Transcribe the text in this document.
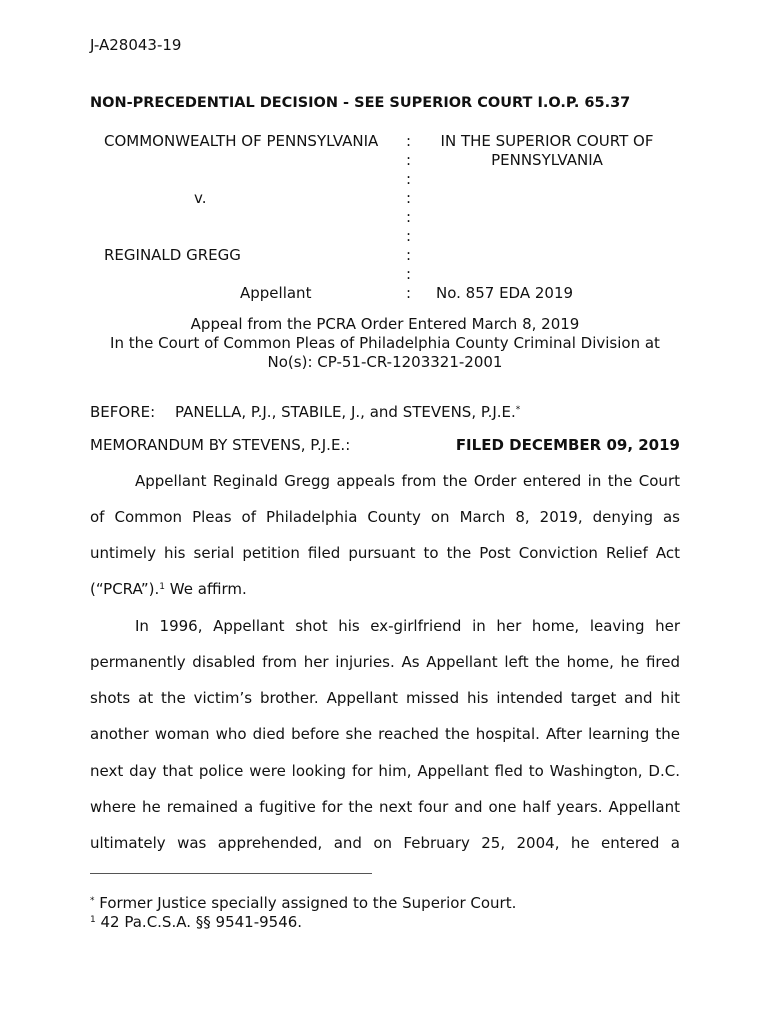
J-A28043-19
NON-PRECEDENTIAL DECISION - SEE SUPERIOR COURT I.O.P. 65.37
COMMONWEALTH OF PENNSYLVANIA
v.
REGINALD GREGG
Appellant
:
:
:
:
:
:
:
:
:
IN THE SUPERIOR COURT OF
PENNSYLVANIA
No. 857 EDA 2019
Appeal from the PCRA Order Entered March 8, 2019
In the Court of Common Pleas of Philadelphia County Criminal Division at
No(s): CP-51-CR-1203321-2001
BEFORE: PANELLA, P.J., STABILE, J., and STEVENS, P.J.E.*
MEMORANDUM BY STEVENS, P.J.E.:	FILED DECEMBER 09, 2019
Appellant Reginald Gregg appeals from the Order entered in the Court
of Common Pleas of Philadelphia County on March 8, 2019, denying as
untimely his serial petition filed pursuant to the Post Conviction Relief Act
(“PCRA”).$^1$ We affirm.
In 1996, Appellant shot his ex-girlfriend in her home, leaving her
permanently disabled from her injuries. As Appellant left the home, he fired
shots at the victim’s brother. Appellant missed his intended target and hit
another woman who died before she reached the hospital. After learning the
next day that police were looking for him, Appellant fled to Washington, D.C.
where he remained a fugitive for the next four and one half years. Appellant
ultimately was apprehended, and on February 25, 2004, he entered a
* Former Justice specially assigned to the Superior Court.
$^1$ 42 Pa.C.S.A. §§ 9541-9546.
